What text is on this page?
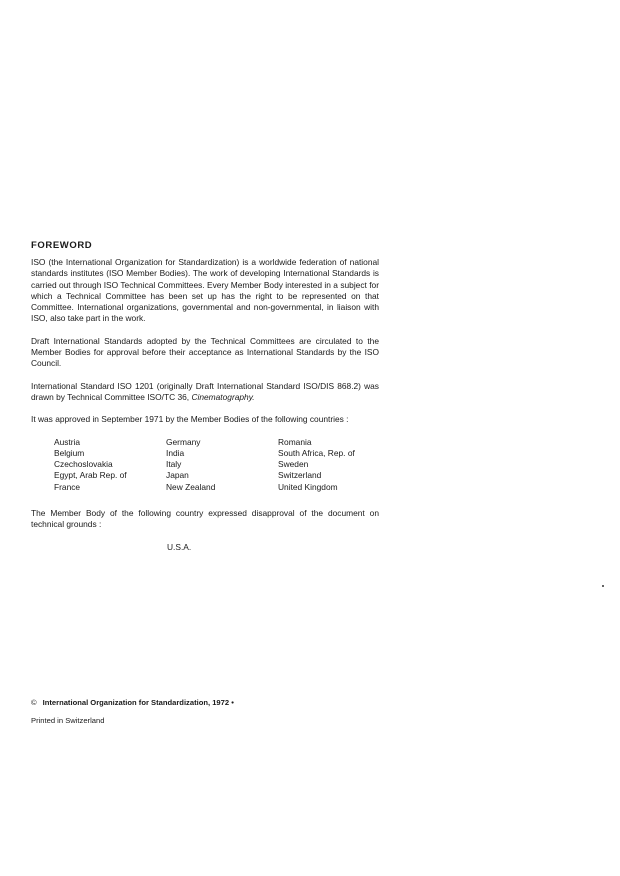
FOREWORD

ISO (the International Organization for Standardization) is a worldwide federation of national standards institutes (ISO Member Bodies). The work of developing International Standards is carried out through ISO Technical Committees. Every Member Body interested in a subject for which a Technical Committee has been set up has the right to be represented on that Committee. International organizations, governmental and non-governmental, in liaison with ISO, also take part in the work.

Draft International Standards adopted by the Technical Committees are circulated to the Member Bodies for approval before their acceptance as International Standards by the ISO Council.

International Standard ISO 1201 (originally Draft International Standard ISO/DIS 868.2) was drawn by Technical Committee ISO/TC 36, Cinematography.

It was approved in September 1971 by the Member Bodies of the following countries :

Austria	Germany	Romania
Belgium	India	South Africa, Rep. of
Czechoslovakia	Italy	Sweden
Egypt, Arab Rep. of	Japan	Switzerland
France	New Zealand	United Kingdom

The Member Body of the following country expressed disapproval of the document on technical grounds :

U.S.A.
© International Organization for Standardization, 1972 •
Printed in Switzerland
